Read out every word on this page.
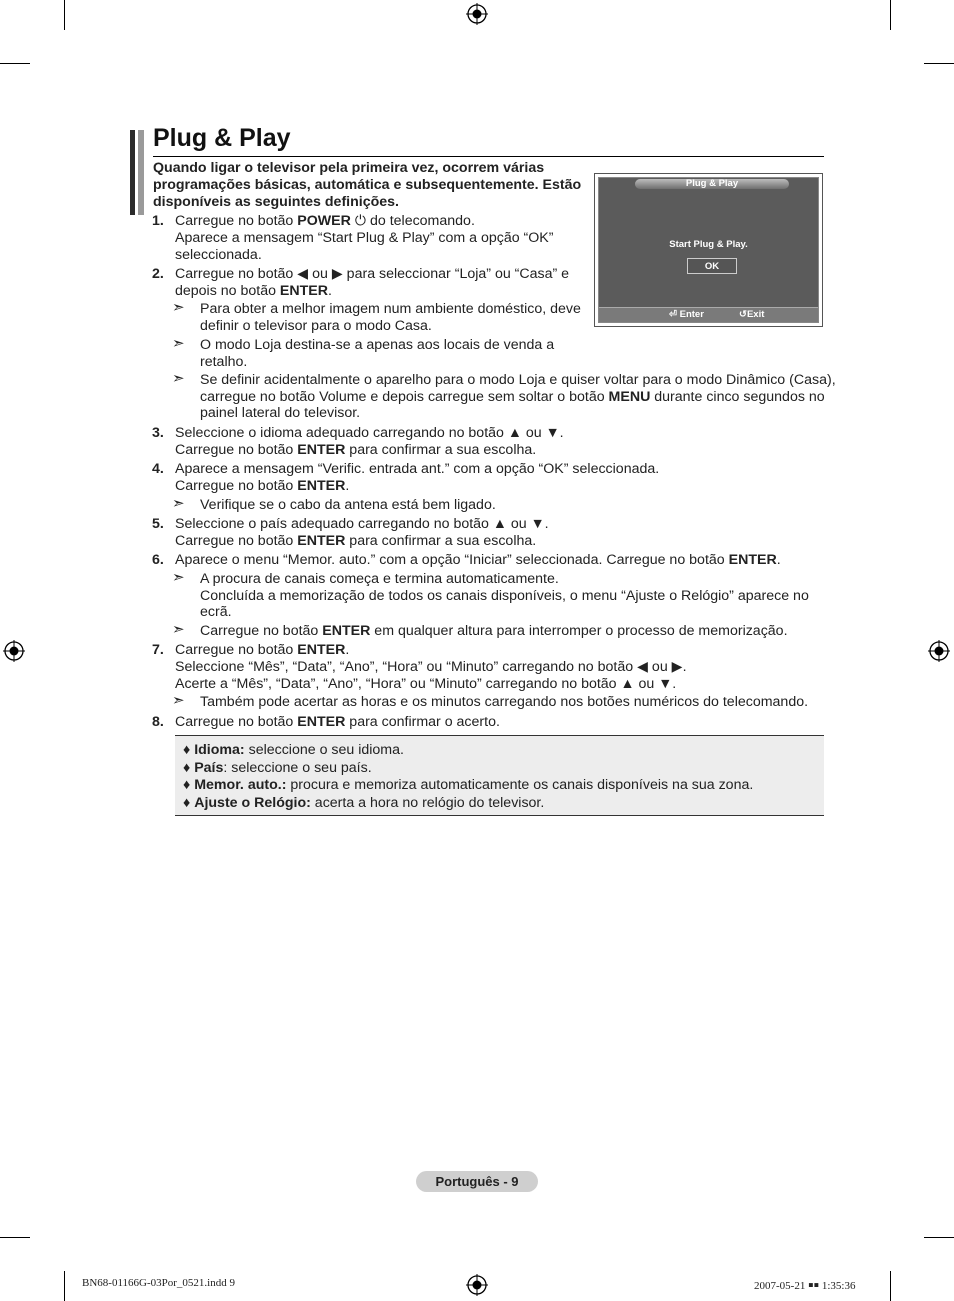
Plug & Play
Quando ligar o televisor pela primeira vez, ocorrem várias programações básicas, automática e subsequentemente. Estão disponíveis as seguintes definições.
Plug & Play
Start Plug & Play.
OK
⏎ Enter	↺Exit
1. Carregue no botão POWER ⏻ do telecomando.
Aparece a mensagem “Start Plug & Play” com a opção “OK”
seleccionada.
2. Carregue no botão ◀ ou ▶ para seleccionar “Loja” ou “Casa” e
depois no botão ENTER.
➣ Para obter a melhor imagem num ambiente doméstico, deve
definir o televisor para o modo Casa.
➣ O modo Loja destina-se a apenas aos locais de venda a
retalho.
➣ Se definir acidentalmente o aparelho para o modo Loja e quiser voltar para o modo Dinâmico (Casa),
carregue no botão Volume e depois carregue sem soltar o botão MENU durante cinco segundos no
painel lateral do televisor.
3. Seleccione o idioma adequado carregando no botão ▲ ou ▼.
Carregue no botão ENTER para confirmar a sua escolha.
4. Aparece a mensagem “Verific. entrada ant.” com a opção “OK” seleccionada.
Carregue no botão ENTER.
➣ Verifique se o cabo da antena está bem ligado.
5. Seleccione o país adequado carregando no botão ▲ ou ▼.
Carregue no botão ENTER para confirmar a sua escolha.
6. Aparece o menu “Memor. auto.” com a opção “Iniciar” seleccionada. Carregue no botão ENTER.
➣ A procura de canais começa e termina automaticamente.
Concluída a memorização de todos os canais disponíveis, o menu “Ajuste o Relógio” aparece no
ecrã.
➣ Carregue no botão ENTER em qualquer altura para interromper o processo de memorização.
7. Carregue no botão ENTER.
Seleccione “Mês”, “Data”, “Ano”, “Hora” ou “Minuto” carregando no botão ◀ ou ▶.
Acerte a “Mês”, “Data”, “Ano”, “Hora” ou “Minuto” carregando no botão ▲ ou ▼.
➣ Também pode acertar as horas e os minutos carregando nos botões numéricos do telecomando.
8. Carregue no botão ENTER para confirmar o acerto.
♦ Idioma: seleccione o seu idioma.
♦ País: seleccione o seu país.
♦ Memor. auto.: procura e memoriza automaticamente os canais disponíveis na sua zona.
♦ Ajuste o Relógio: acerta a hora no relógio do televisor.
Português - 9
BN68-01166G-03Por_0521.indd 9	2007-05-21 ￭￭ 1:35:36
